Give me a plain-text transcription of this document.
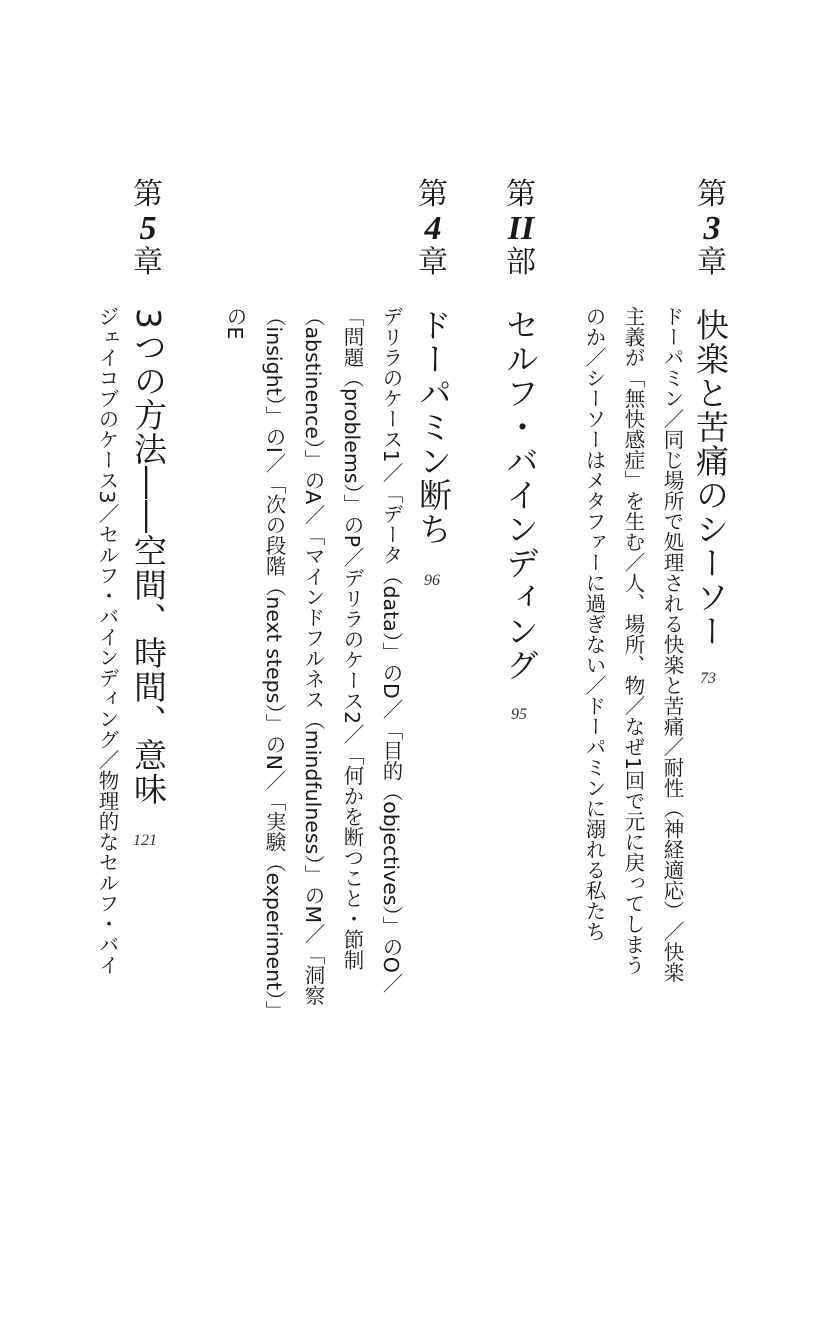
第
3
章
快楽と苦痛のシーソー
73
ドーパミン／同じ場所で処理される快楽と苦痛／耐性（神経適応）／快楽
主義が「無快感症」を生む／人、場所、物／なぜ1回で元に戻ってしまう
のか／シーソーはメタファーに過ぎない／ドーパミンに溺れる私たち
第
II
部
セルフ・バインディング
95
第
4
章
ドーパミン断ち
96
デリラのケース1／「データ（data）」のD／「目的（objectives）」のO／
「問題（problems）」のP／デリラのケース2／「何かを断つこと・節制
（abstinence）」のA／「マインドフルネス（mindfulness）」のM／「洞察
（insight）」のI／「次の段階（next steps）」のN／「実験（experiment）」
のE
第
5
章
3つの方法――空間、時間、意味
121
ジェイコブのケース3／セルフ・バインディング／物理的なセルフ・バイ
